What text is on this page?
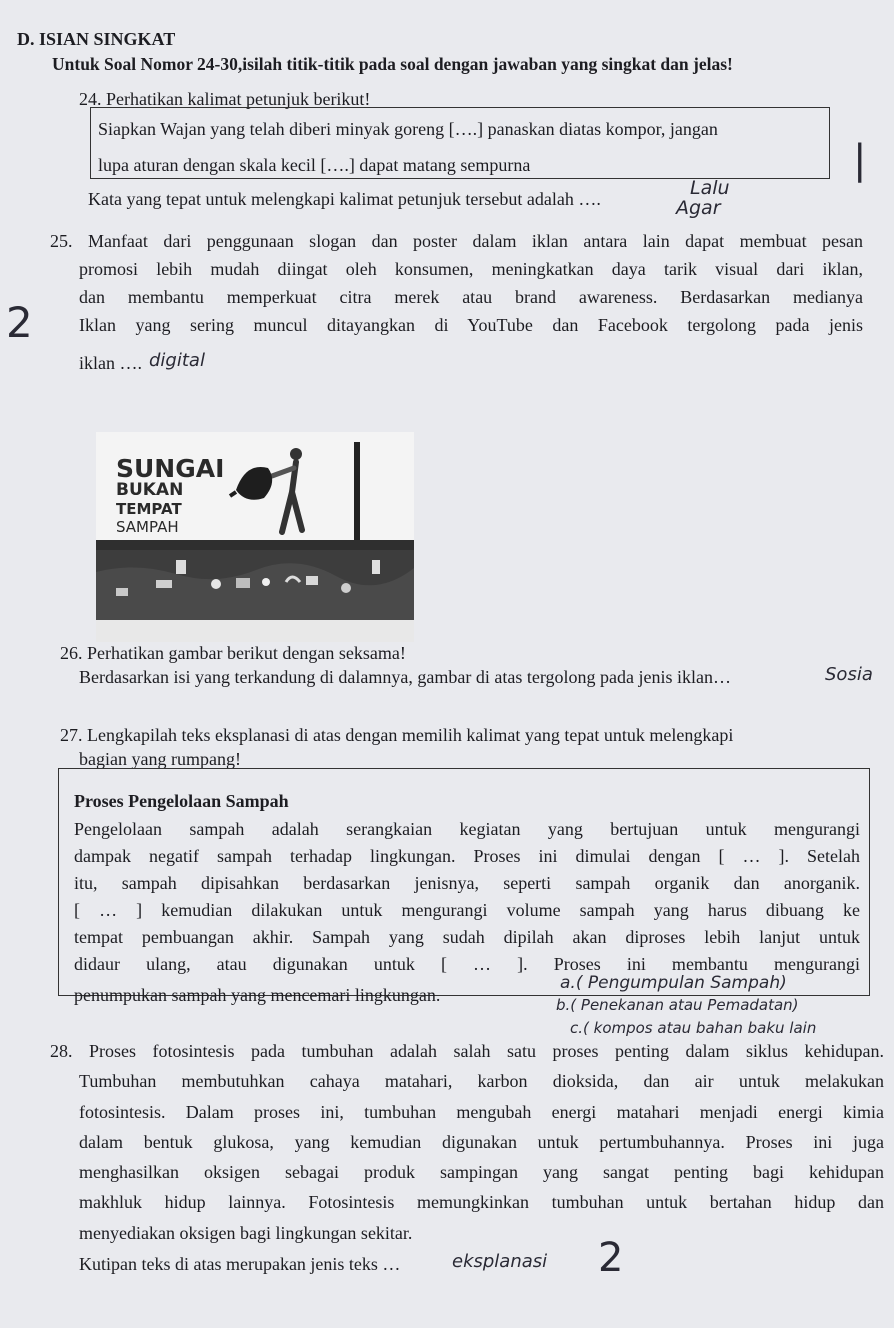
D. ISIAN SINGKAT
Untuk Soal Nomor 24-30,isilah titik-titik pada soal dengan jawaban yang singkat dan jelas!
24. Perhatikan kalimat petunjuk berikut!
Siapkan Wajan yang telah diberi minyak goreng [….] panaskan diatas kompor, jangan
lupa aturan dengan skala kecil [….] dapat matang sempurna
Kata yang tepat untuk melengkapi kalimat petunjuk tersebut adalah ….	Lalu
Agar
|
25. Manfaat dari penggunaan slogan dan poster dalam iklan antara lain dapat membuat pesan
promosi lebih mudah diingat oleh konsumen, meningkatkan daya tarik visual dari iklan,
dan membantu memperkuat citra merek atau brand awareness. Berdasarkan medianya
Iklan yang sering muncul ditayangkan di YouTube dan Facebook tergolong pada jenis
iklan …. digital
2
SUNGAI
BUKAN
TEMPAT
SAMPAH
26. Perhatikan gambar berikut dengan seksama!
Berdasarkan isi yang terkandung di dalamnya, gambar di atas tergolong pada jenis iklan…	Sosia
27. Lengkapilah teks eksplanasi di atas dengan memilih kalimat yang tepat untuk melengkapi
bagian yang rumpang!
Proses Pengelolaan Sampah
Pengelolaan sampah adalah serangkaian kegiatan yang bertujuan untuk mengurangi
dampak negatif sampah terhadap lingkungan. Proses ini dimulai dengan [ … ]. Setelah
itu, sampah dipisahkan berdasarkan jenisnya, seperti sampah organik dan anorganik.
[ … ] kemudian dilakukan untuk mengurangi volume sampah yang harus dibuang ke
tempat pembuangan akhir. Sampah yang sudah dipilah akan diproses lebih lanjut untuk
didaur ulang, atau digunakan untuk [ … ]. Proses ini membantu mengurangi
penumpukan sampah yang mencemari lingkungan.
a.( Pengumpulan Sampah)
b.( Penekanan atau Pemadatan)
c.( kompos atau bahan baku lain
28. Proses fotosintesis pada tumbuhan adalah salah satu proses penting dalam siklus kehidupan.
Tumbuhan membutuhkan cahaya matahari, karbon dioksida, dan air untuk melakukan
fotosintesis. Dalam proses ini, tumbuhan mengubah energi matahari menjadi energi kimia
dalam bentuk glukosa, yang kemudian digunakan untuk pertumbuhannya. Proses ini juga
menghasilkan oksigen sebagai produk sampingan yang sangat penting bagi kehidupan
makhluk hidup lainnya. Fotosintesis memungkinkan tumbuhan untuk bertahan hidup dan
menyediakan oksigen bagi lingkungan sekitar.
Kutipan teks di atas merupakan jenis teks …	eksplanasi 2
